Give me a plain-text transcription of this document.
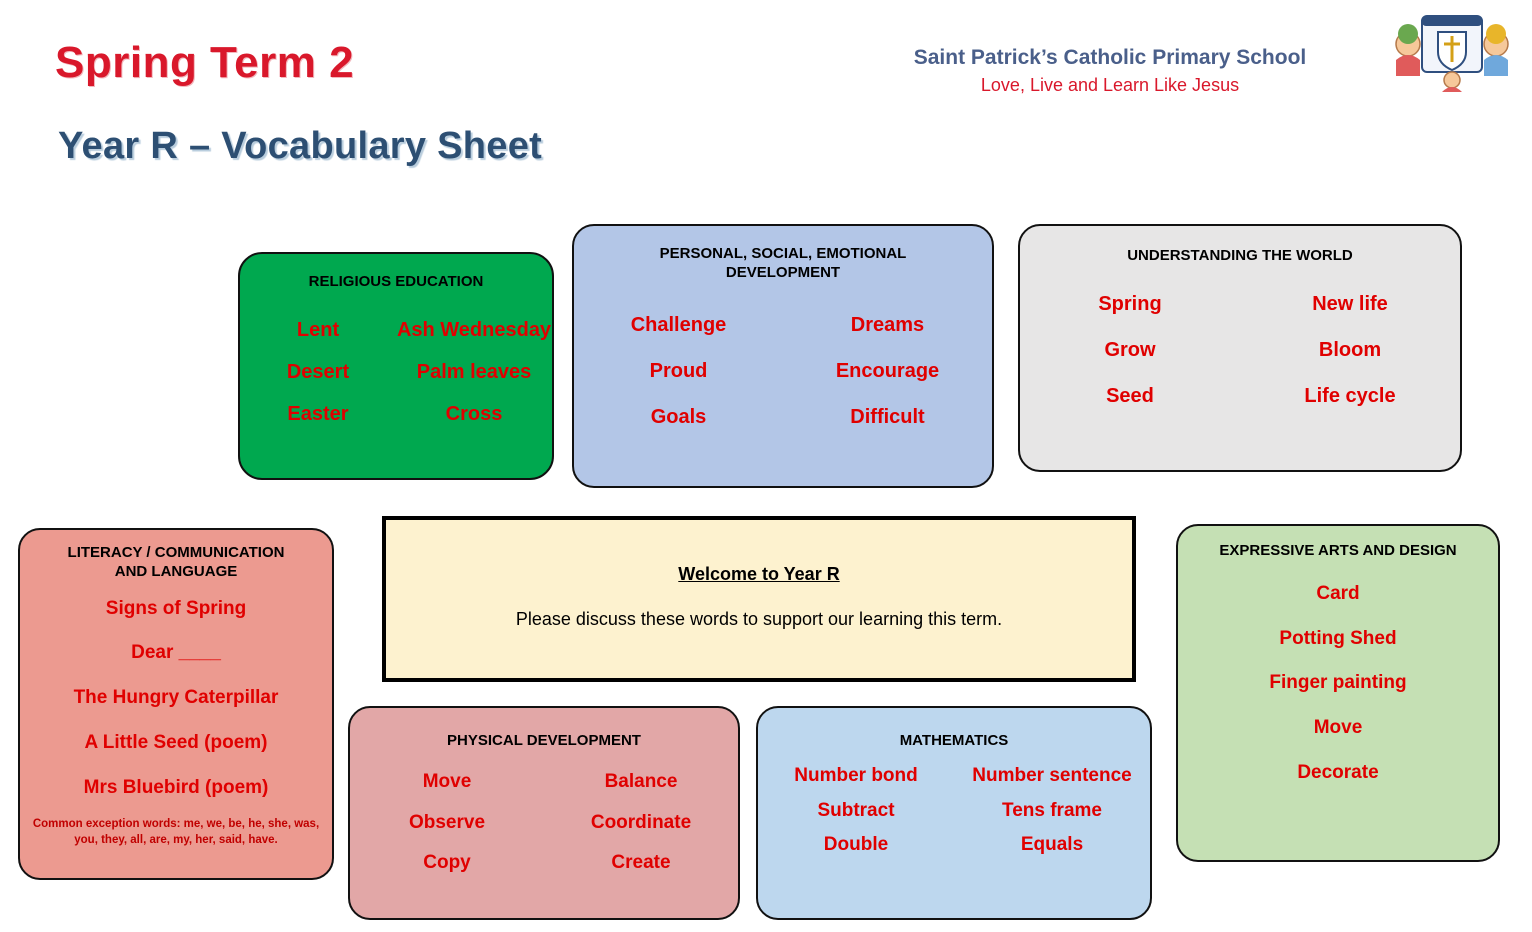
Spring Term 2
Year R – Vocabulary Sheet
Saint Patrick’s Catholic Primary School
Love, Live and Learn Like Jesus
RELIGIOUS EDUCATION
Lent	Ash Wednesday
Desert	Palm leaves
Easter	Cross
PERSONAL, SOCIAL, EMOTIONAL
DEVELOPMENT
Challenge	Dreams
Proud	Encourage
Goals	Difficult
UNDERSTANDING THE WORLD
Spring	New life
Grow	Bloom
Seed	Life cycle
LITERACY / COMMUNICATION
AND LANGUAGE
Signs of Spring
Dear ____
The Hungry Caterpillar
A Little Seed (poem)
Mrs Bluebird (poem)
Common exception words: me, we, be, he, she, was, you, they, all, are, my, her, said, have.
Welcome to Year R
Please discuss these words to support our learning this term.
EXPRESSIVE ARTS AND DESIGN
Card
Potting Shed
Finger painting
Move
Decorate
PHYSICAL DEVELOPMENT
Move	Balance
Observe	Coordinate
Copy	Create
MATHEMATICS
Number bond	Number sentence
Subtract	Tens frame
Double	Equals
